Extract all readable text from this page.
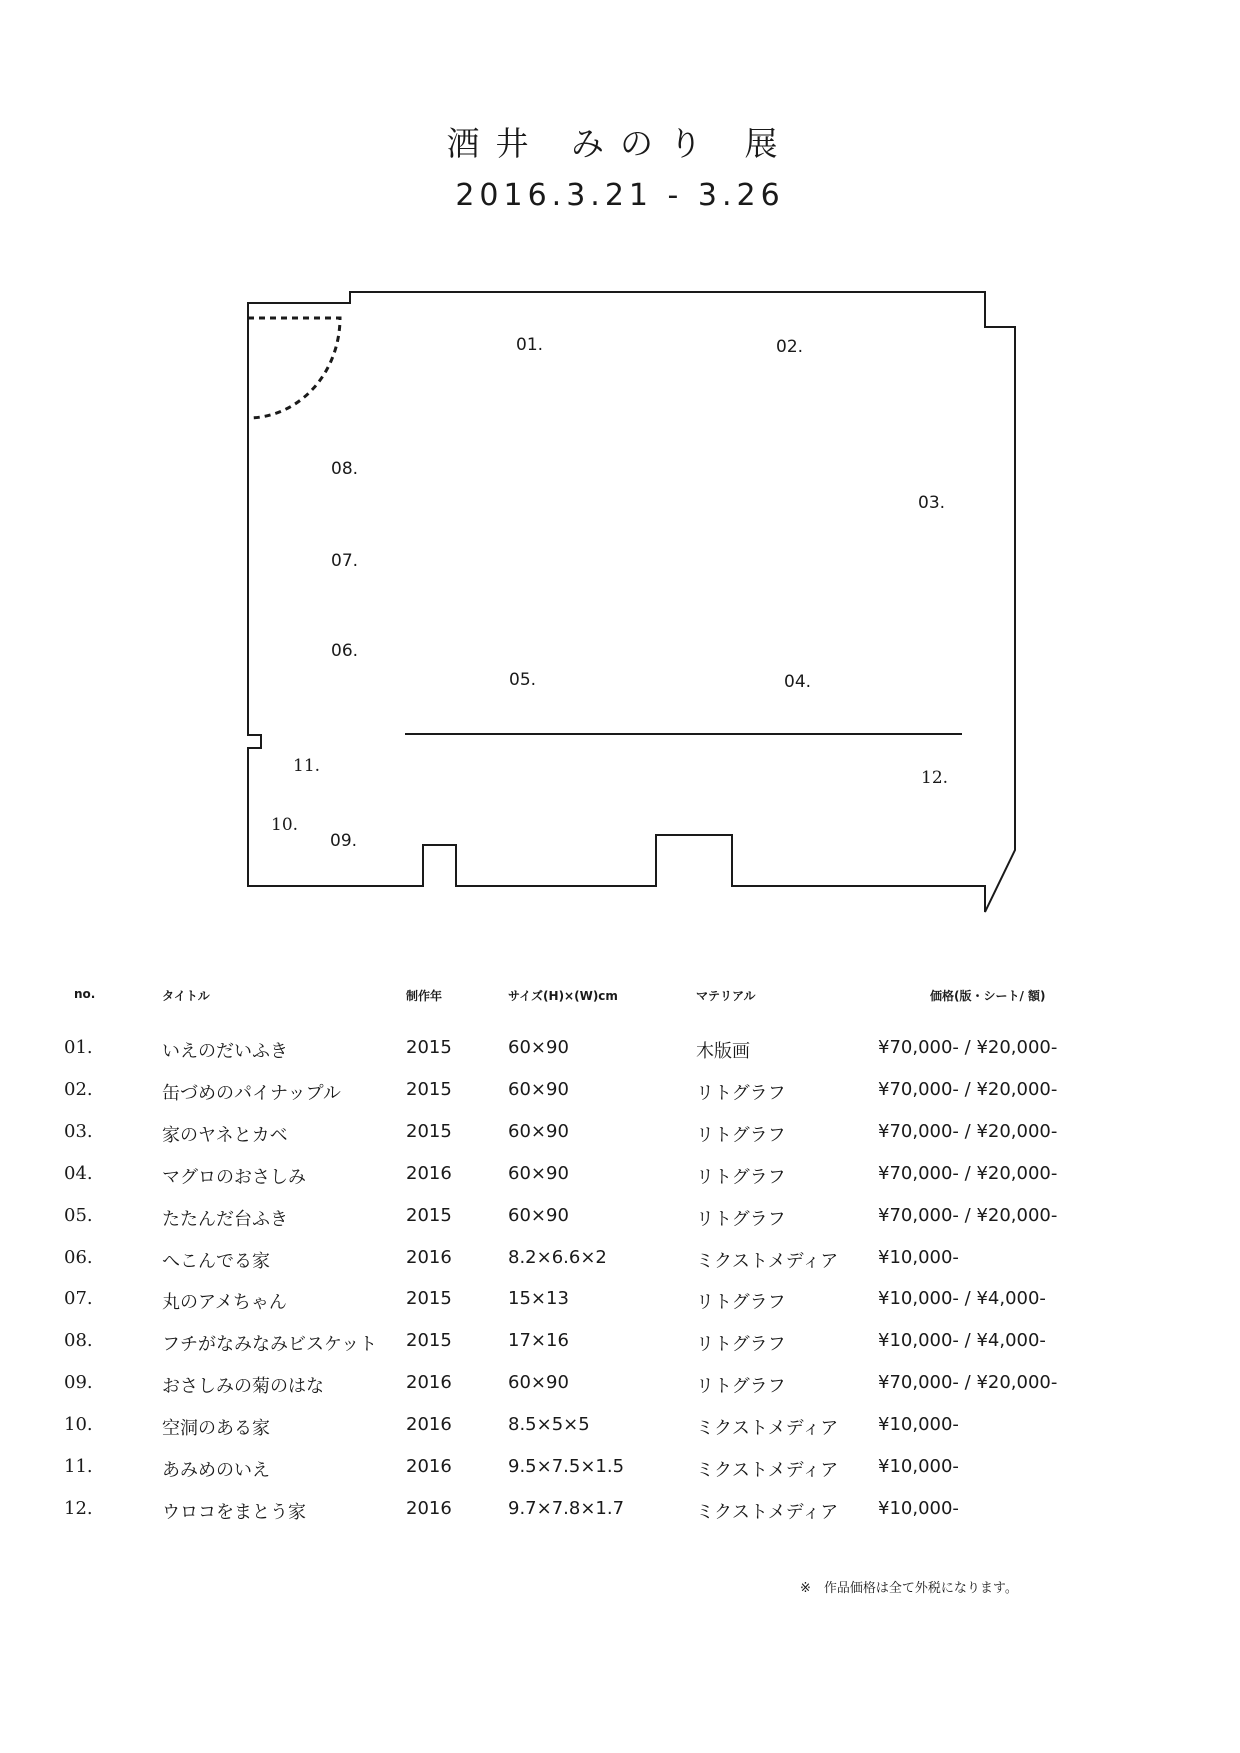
酒井 みのり 展
2016.3.21 - 3.26
01.	02.
03.
04.
05.
06.
07.
08.
09.
10.
11.
12.
no.	タイトル	制作年	サイズ(H)×(W)cm	マテリアル	価格(版・シート/ 額)
01.	いえのだいふき	2015	60×90	木版画	¥70,000- / ¥20,000-
02.	缶づめのパイナップル	2015	60×90	リトグラフ	¥70,000- / ¥20,000-
03.	家のヤネとカベ	2015	60×90	リトグラフ	¥70,000- / ¥20,000-
04.	マグロのおさしみ	2016	60×90	リトグラフ	¥70,000- / ¥20,000-
05.	たたんだ台ふき	2015	60×90	リトグラフ	¥70,000- / ¥20,000-
06.	へこんでる家	2016	8.2×6.6×2	ミクストメディア ¥10,000-
07.	丸のアメちゃん	2015	15×13	リトグラフ	¥10,000- / ¥4,000-
08.	フチがなみなみビスケット 2015	17×16	リトグラフ	¥10,000- / ¥4,000-
09.	おさしみの菊のはな	2016	60×90	リトグラフ	¥70,000- / ¥20,000-
10.	空洞のある家	2016	8.5×5×5	ミクストメディア ¥10,000-
11.	あみめのいえ	2016	9.5×7.5×1.5	ミクストメディア ¥10,000-
12.	ウロコをまとう家	2016	9.7×7.8×1.7	ミクストメディア ¥10,000-
※　作品価格は全て外税になります。
